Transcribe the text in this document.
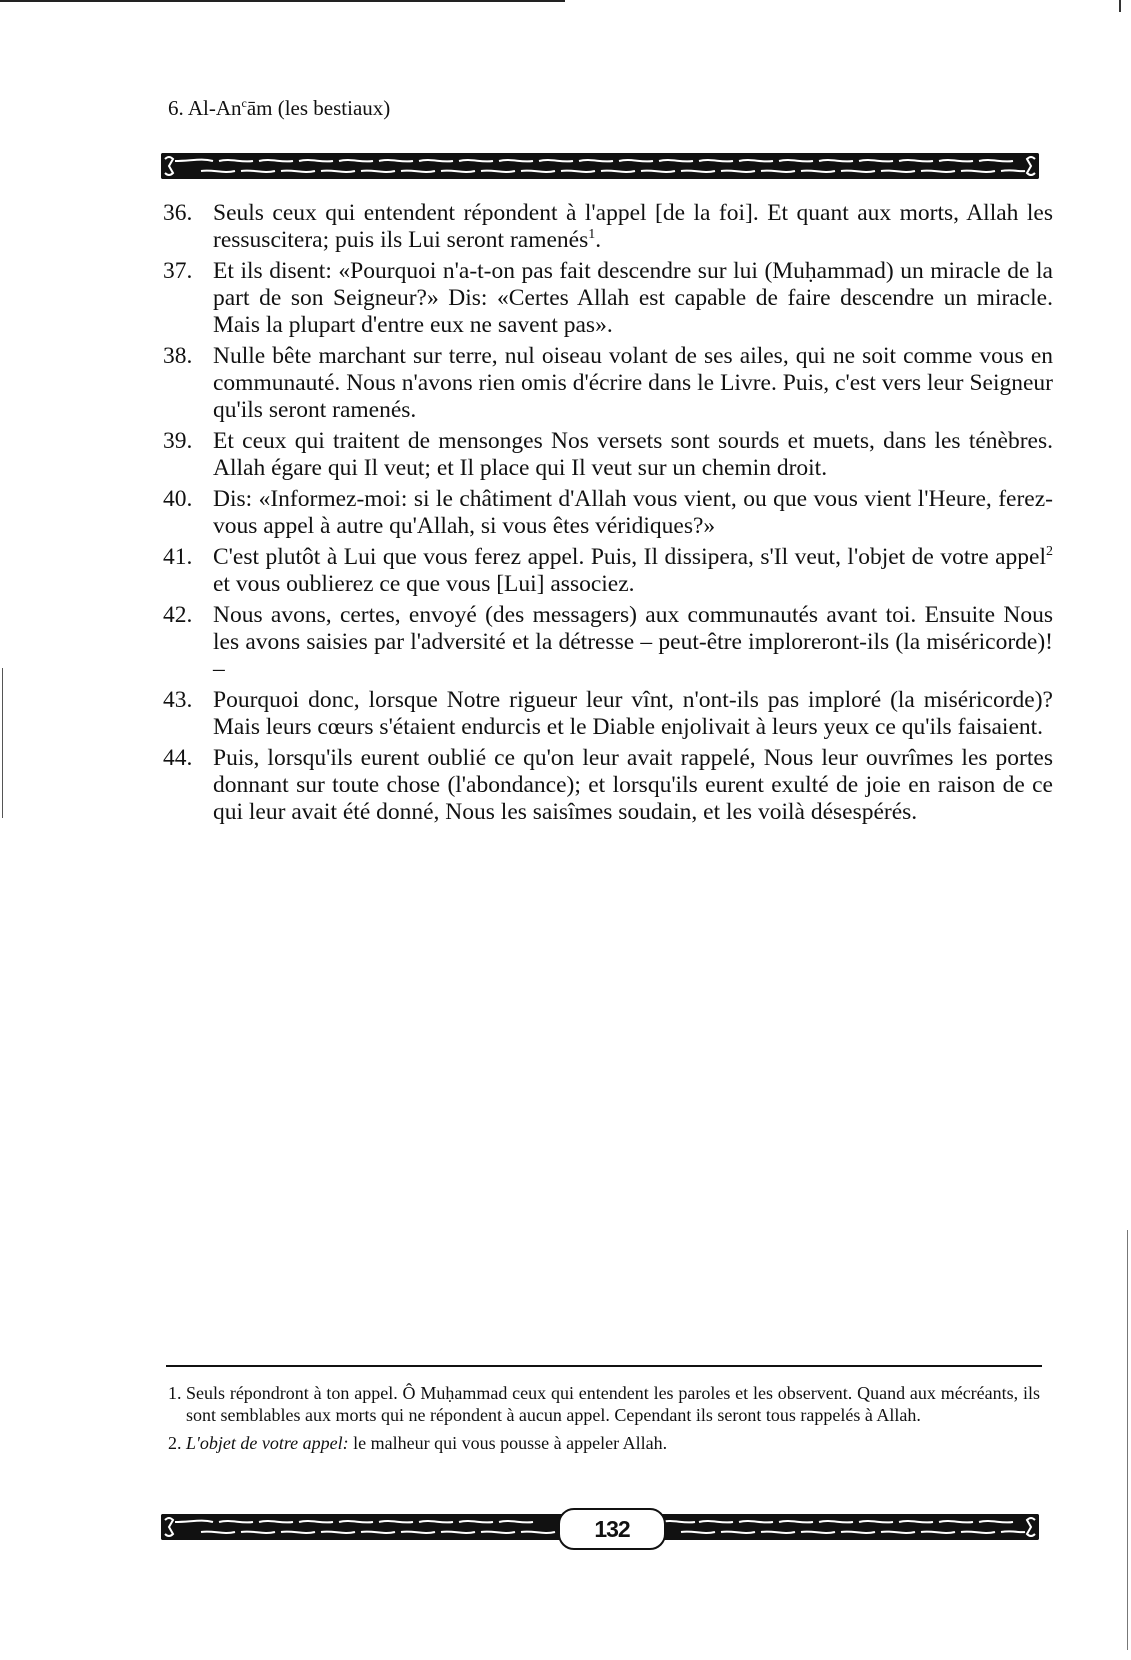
6. Al-An$^c$ām (les bestiaux)
36. Seuls ceux qui entendent répondent à l'appel [de la foi]. Et quant aux morts, Allah les ressuscitera; puis ils Lui seront ramenés$^1$.
37. Et ils disent: «Pourquoi n'a-t-on pas fait descendre sur lui (Muḥammad) un miracle de la part de son Seigneur?» Dis: «Certes Allah est capable de faire descendre un miracle. Mais la plupart d'entre eux ne savent pas».
38. Nulle bête marchant sur terre, nul oiseau volant de ses ailes, qui ne soit comme vous en communauté. Nous n'avons rien omis d'écrire dans le Livre. Puis, c'est vers leur Seigneur qu'ils seront ramenés.
39. Et ceux qui traitent de mensonges Nos versets sont sourds et muets, dans les ténèbres. Allah égare qui Il veut; et Il place qui Il veut sur un chemin droit.
40. Dis: «Informez-moi: si le châtiment d'Allah vous vient, ou que vous vient l'Heure, ferez-vous appel à autre qu'Allah, si vous êtes véridiques?»
41. C'est plutôt à Lui que vous ferez appel. Puis, Il dissipera, s'Il veut, l'objet de votre appel$^2$ et vous oublierez ce que vous [Lui] associez.
42. Nous avons, certes, envoyé (des messagers) aux communautés avant toi. Ensuite Nous les avons saisies par l'adversité et la détresse – peut-être imploreront-ils (la miséricorde)! –
43. Pourquoi donc, lorsque Notre rigueur leur vînt, n'ont-ils pas imploré (la miséricorde)? Mais leurs cœurs s'étaient endurcis et le Diable enjolivait à leurs yeux ce qu'ils faisaient.
44. Puis, lorsqu'ils eurent oublié ce qu'on leur avait rappelé, Nous leur ouvrîmes les portes donnant sur toute chose (l'abondance); et lorsqu'ils eurent exulté de joie en raison de ce qui leur avait été donné, Nous les saisîmes soudain, et les voilà désespérés.
1. Seuls répondront à ton appel. Ô Muḥammad ceux qui entendent les paroles et les observent. Quand aux mécréants, ils sont semblables aux morts qui ne répondent à aucun appel. Cependant ils seront tous rappelés à Allah.
2. L'objet de votre appel: le malheur qui vous pousse à appeler Allah.
132
